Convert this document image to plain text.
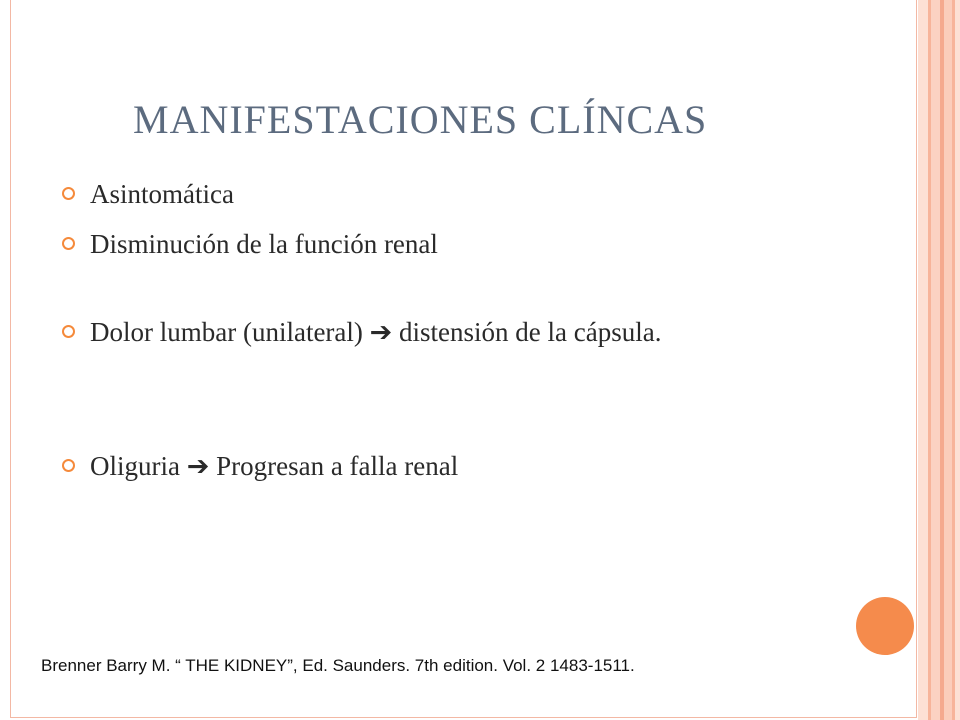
MANIFESTACIONES CLÍNCAS
Asintomática
Disminución de la función renal
Dolor lumbar (unilateral) ➔ distensión de la cápsula.
Oliguria ➔ Progresan a falla renal
Brenner Barry M. “ THE KIDNEY”, Ed. Saunders. 7th edition. Vol. 2 1483-1511.
